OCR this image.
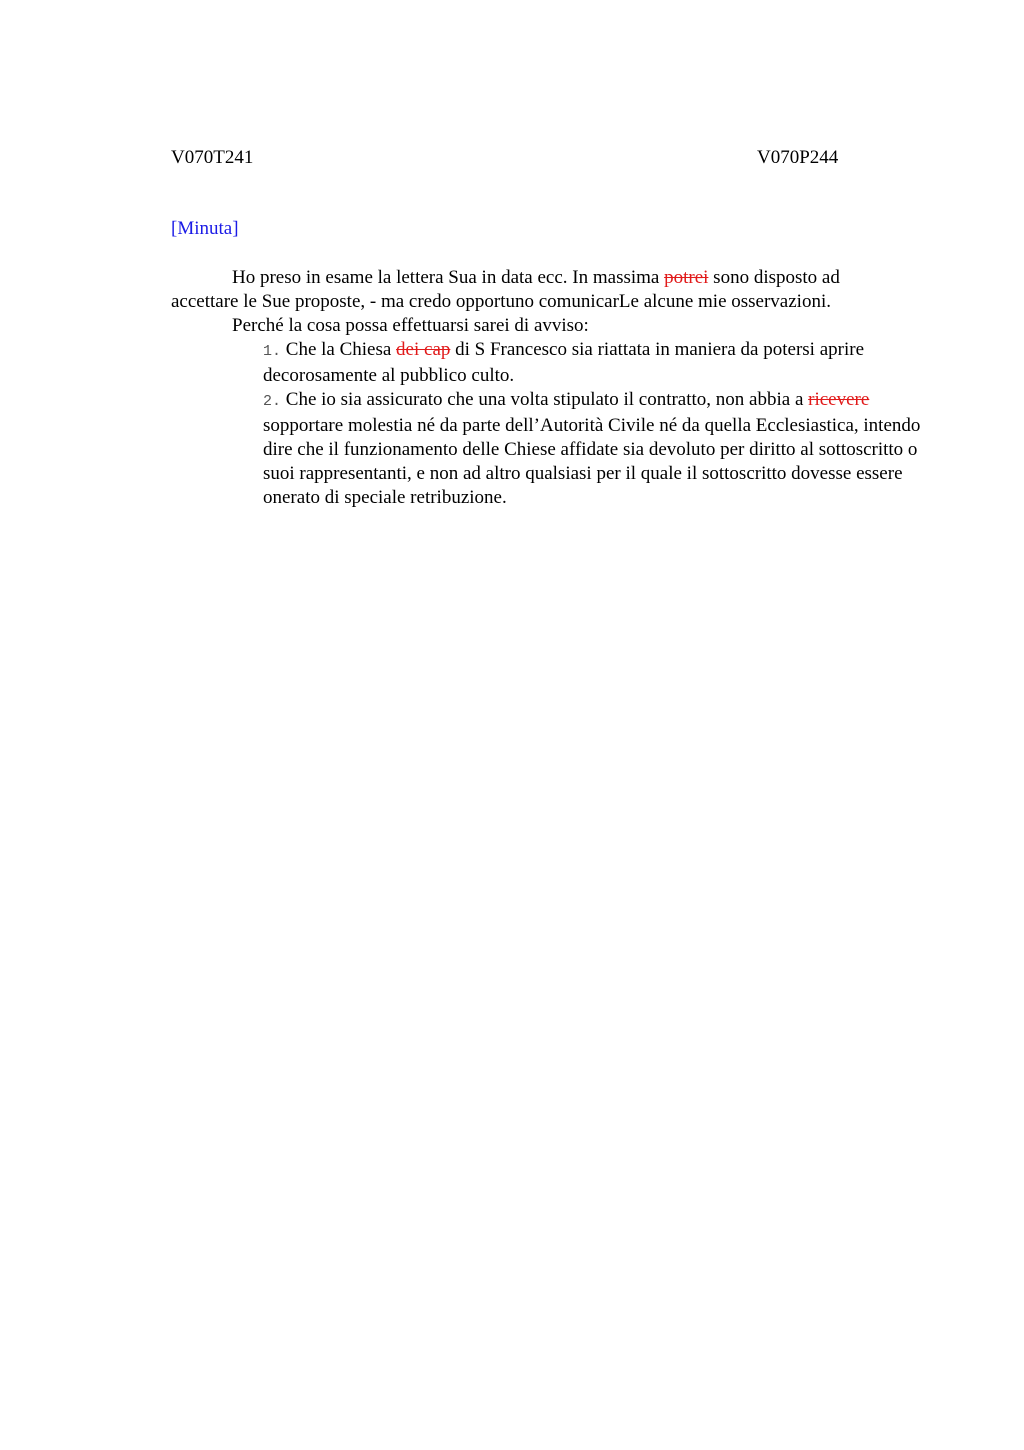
V070T241	V070P244
[Minuta]

Ho preso in esame la lettera Sua in data ecc. In massima potrei sono disposto ad accettare le Sue proposte, - ma credo opportuno comunicarLe alcune mie osservazioni.

Perché la cosa possa effettuarsi sarei di avviso:

1. Che la Chiesa dei cap di S Francesco sia riattata in maniera da potersi aprire decorosamente al pubblico culto.

2. Che io sia assicurato che una volta stipulato il contratto, non abbia a ricevere sopportare molestia né da parte dell’Autorità Civile né da quella Ecclesiastica, intendo dire che il funzionamento delle Chiese affidate sia devoluto per diritto al sottoscritto o suoi rappresentanti, e non ad altro qualsiasi per il quale il sottoscritto dovesse essere onerato di speciale retribuzione.
